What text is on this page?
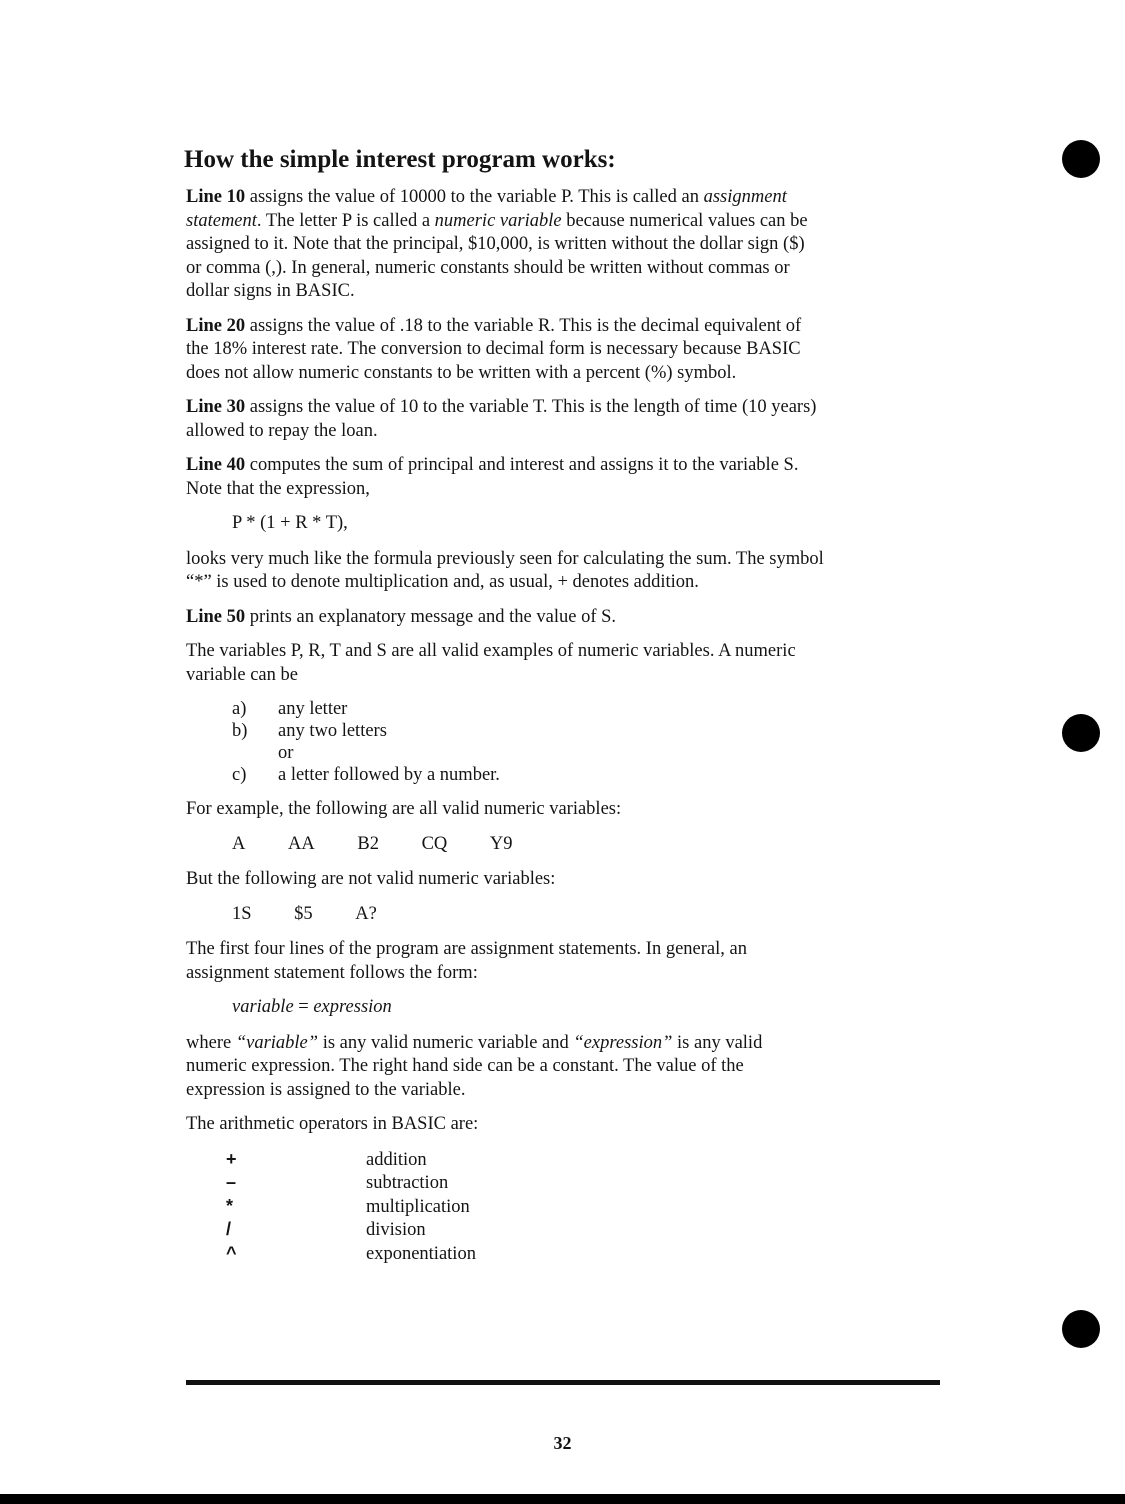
How the simple interest program works:

Line 10 assigns the value of 10000 to the variable P. This is called an assignment
statement. The letter P is called a numeric variable because numerical values can be
assigned to it. Note that the principal, $10,000, is written without the dollar sign ($)
or comma (,). In general, numeric constants should be written without commas or
dollar signs in BASIC.

Line 20 assigns the value of .18 to the variable R. This is the decimal equivalent of
the 18% interest rate. The conversion to decimal form is necessary because BASIC
does not allow numeric constants to be written with a percent (%) symbol.

Line 30 assigns the value of 10 to the variable T. This is the length of time (10 years)
allowed to repay the loan.

Line 40 computes the sum of principal and interest and assigns it to the variable S.
Note that the expression,

P * (1 + R * T),

looks very much like the formula previously seen for calculating the sum. The symbol
“*” is used to denote multiplication and, as usual, + denotes addition.

Line 50 prints an explanatory message and the value of S.

The variables P, R, T and S are all valid examples of numeric variables. A numeric
variable can be

a) any letter
b) any two letters
or
c) a letter followed by a number.

For example, the following are all valid numeric variables:

A AA B2 CQ Y9

But the following are not valid numeric variables:

1S $5 A?

The first four lines of the program are assignment statements. In general, an
assignment statement follows the form:

variable = expression

where “variable” is any valid numeric variable and “expression” is any valid
numeric expression. The right hand side can be a constant. The value of the
expression is assigned to the variable.

The arithmetic operators in BASIC are:

+	addition
–	subtraction
*	multiplication
/	division
^	exponentiation
32
